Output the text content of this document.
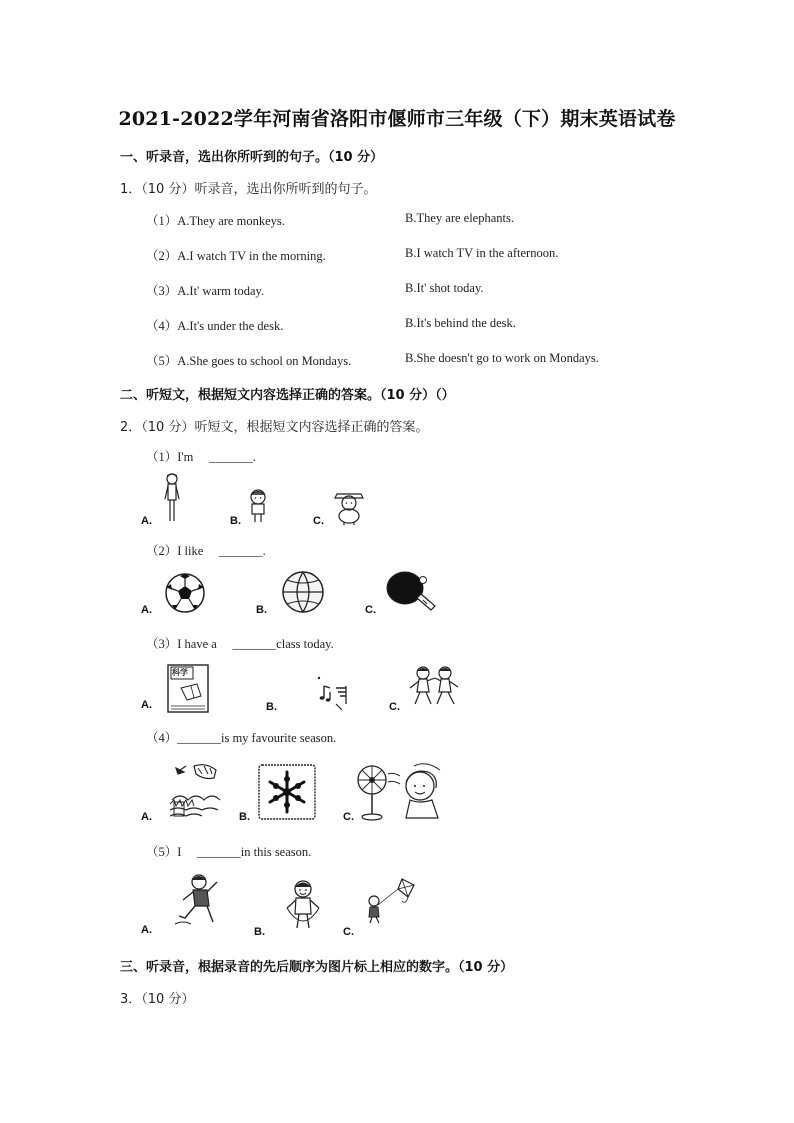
2021-2022学年河南省洛阳市偃师市三年级（下）期末英语试卷
一、听录音，选出你所听到的句子。（10 分）
1．（10 分）听录音，选出你所听到的句子。
（1）A.They are monkeys.	B.They are elephants.
（2）A.I watch TV in the morning.	B.I watch TV in the afternoon.
（3）A.It' warm today.	B.It' shot today.
（4）A.It's under the desk.	B.It's behind the desk.
（5）A.She goes to school on Mondays.	B.She doesn't go to work on Mondays.
二、听短文，根据短文内容选择正确的答案。（10 分）（）
2．（10 分）听短文，根据短文内容选择正确的答案。
（1）I'm　 _______.
A.	B.	C.
（2）I like　 _______.
A.	B.	C.
（3）I have a　 _______class today.
A.	B.	C.
科学
（4）_______is my favourite season.
A.	B.	C.
（5）I　 _______in this season.
A.	B.	C.
三、听录音，根据录音的先后顺序为图片标上相应的数字。（10 分）
3．（10 分）
